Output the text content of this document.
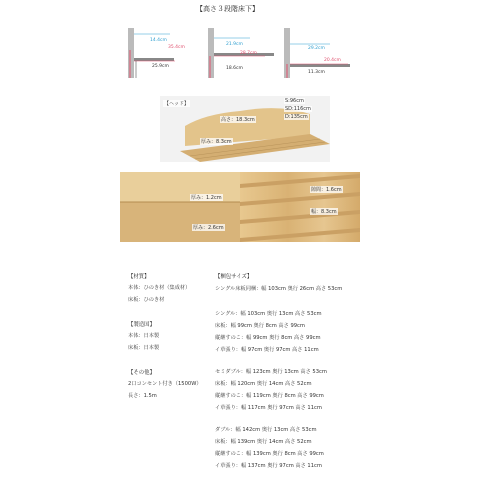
【高さ３段階床下】
14.4cm
35.4cm
25.9cm
21.9cm
28.7cm
18.6cm
29.2cm
20.4cm
11.3cm
【ヘッド】
高さ：18.3cm
厚み：8.3cm
S:96cm
SD:116cm
D:135cm
厚み：1.2cm
厚み：2.6cm
隙間：1.6cm
幅：8.3cm
【材質】
本体：ひのき材（集成材）
床板：ひのき材
【製造国】
本体：日本製
床板：日本製
【その他】
2口コンセント付き（1500W）
長さ：1.5m
【梱包サイズ】
シングル床板同梱：幅 103cm 奥行 26cm 高さ 53cm
シングル：幅 103cm 奥行 13cm 高さ 53cm
床板：幅 99cm 奥行 8cm 高さ 99cm
縦継すのこ：幅 99cm 奥行 8cm 高さ 99cm
イ草張り：幅 97cm 奥行 97cm 高さ 11cm
セミダブル：幅 123cm 奥行 13cm 高さ 53cm
床板：幅 120cm 奥行 14cm 高さ 52cm
縦継すのこ：幅 119cm 奥行 8cm 高さ 99cm
イ草張り：幅 117cm 奥行 97cm 高さ 11cm
ダブル：幅 142cm 奥行 13cm 高さ 53cm
床板：幅 139cm 奥行 14cm 高さ 52cm
縦継すのこ：幅 139cm 奥行 8cm 高さ 99cm
イ草張り：幅 137cm 奥行 97cm 高さ 11cm
